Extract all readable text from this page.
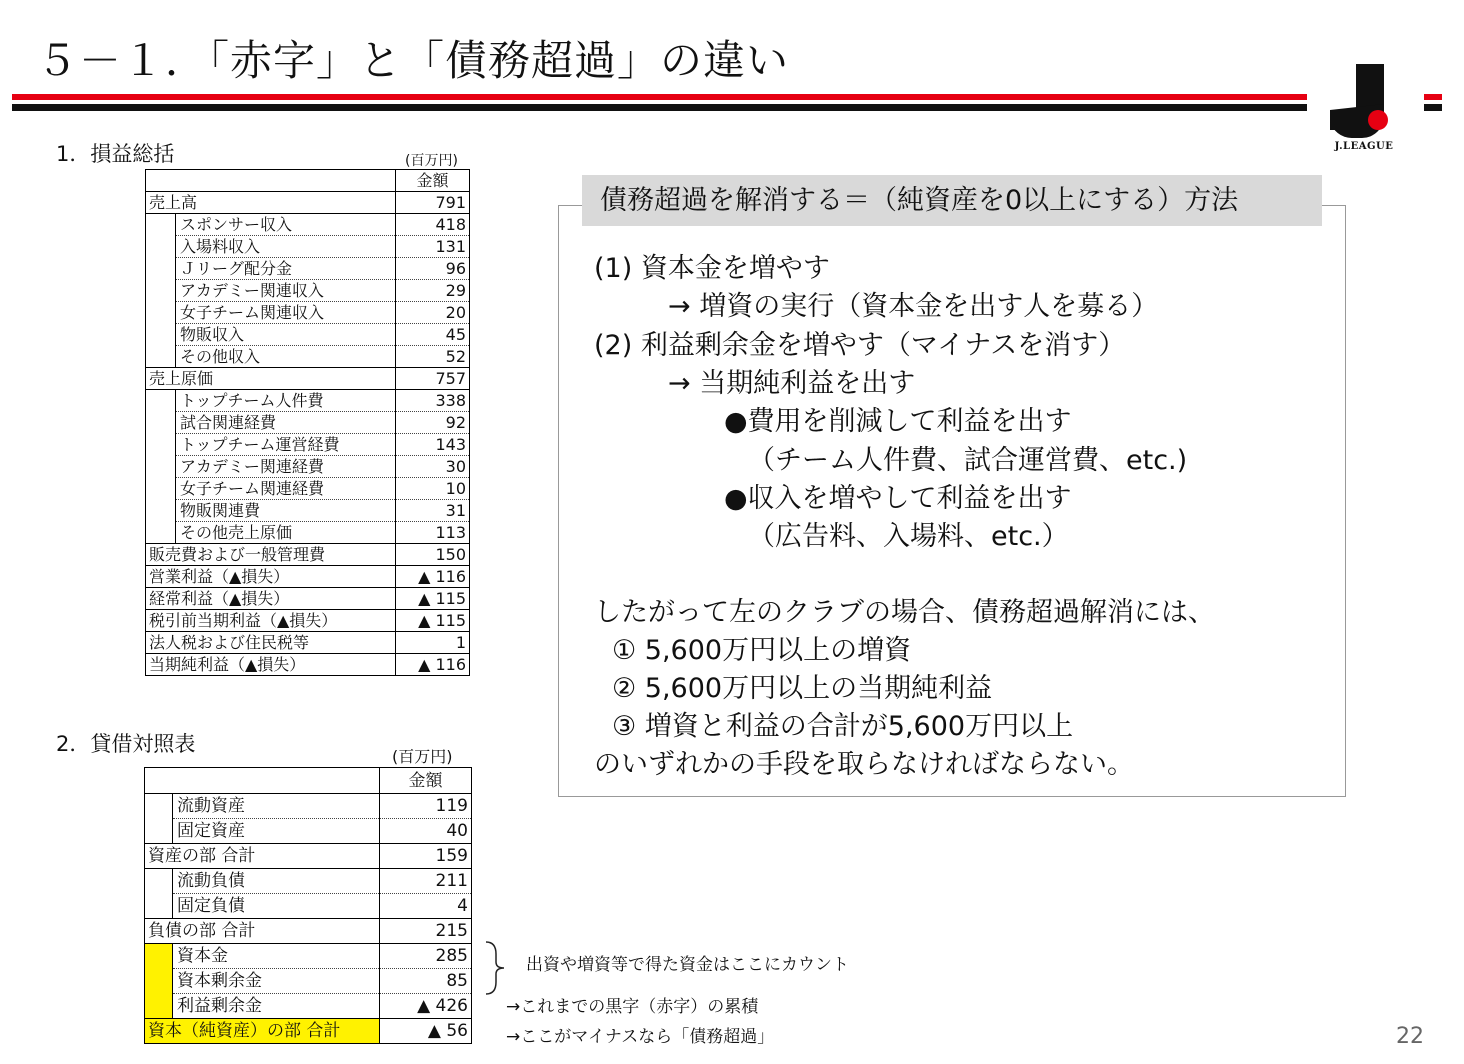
５－１．「赤字」と「債務超過」の違い
J.LEAGUE
1．損益総括	(百万円)
		金額
売上高		791
	スポンサー収入	418
	入場料収入	131
	Ｊリーグ配分金	96
	アカデミー関連収入	29
	女子チーム関連収入	20
	物販収入	45
	その他収入	52
売上原価		757
	トップチーム人件費	338
	試合関連経費	92
	トップチーム運営経費	143
	アカデミー関連経費	30
	女子チーム関連経費	10
	物販関連費	31
	その他売上原価	113
販売費および一般管理費		150
営業利益（▲損失）		▲ 116
経常利益（▲損失）		▲ 115
税引前当期利益（▲損失）		▲ 115
法人税および住民税等		1
当期純利益（▲損失）		▲ 116
2．貸借対照表
(百万円)
		金額
	流動資産	119
	固定資産	40
資産の部 合計		159
	流動負債	211
	固定負債	4
負債の部 合計		215
	資本金	285
	資本剰余金	85
	利益剰余金	▲ 426
資本（純資産）の部 合計		▲ 56
出資や増資等で得た資金はここにカウント
→これまでの黒字（赤字）の累積
→ここがマイナスなら「債務超過」
債務超過を解消する＝（純資産を0以上にする）方法
(1) 資本金を増やす
→ 増資の実行（資本金を出す人を募る）
(2) 利益剰余金を増やす（マイナスを消す）
→ 当期純利益を出す
●費用を削減して利益を出す
（チーム人件費、試合運営費、etc.)
●収入を増やして利益を出す
（広告料、入場料、etc.）
したがって左のクラブの場合、債務超過解消には、
① 5,600万円以上の増資
② 5,600万円以上の当期純利益
③ 増資と利益の合計が5,600万円以上
のいずれかの手段を取らなければならない。
22
